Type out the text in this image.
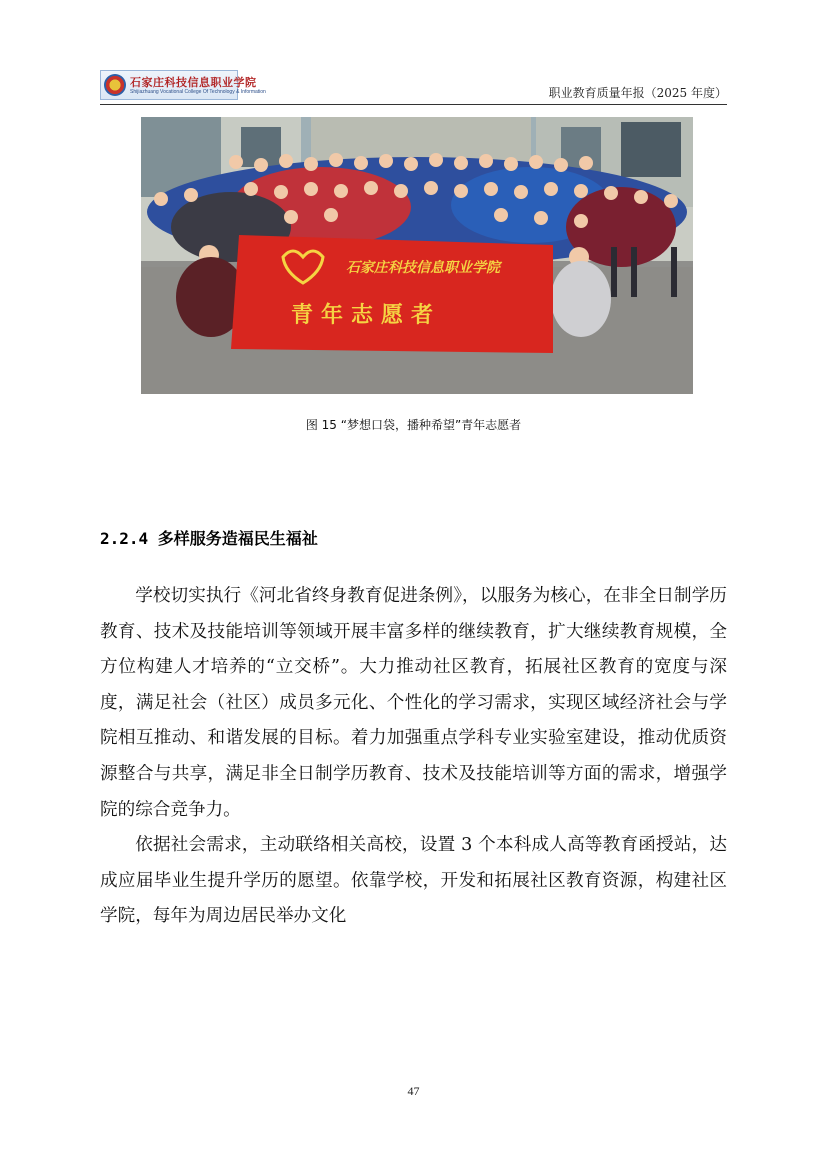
石家庄科技信息职业学院
Shijiazhuang Vocational College Of Technology & Information	职业教育质量年报（2025 年度）
石家庄科技信息职业学院
青年志愿者
图 15 “梦想口袋，播种希望”青年志愿者
2.2.4 多样服务造福民生福祉

学校切实执行《河北省终身教育促进条例》，以服务为核心，在非全日制学历教育、技术及技能培训等领域开展丰富多样的继续教育，扩大继续教育规模，全方位构建人才培养的“立交桥”。大力推动社区教育，拓展社区教育的宽度与深度，满足社会（社区）成员多元化、个性化的学习需求，实现区域经济社会与学院相互推动、和谐发展的目标。着力加强重点学科专业实验室建设，推动优质资源整合与共享，满足非全日制学历教育、技术及技能培训等方面的需求，增强学院的综合竞争力。

依据社会需求，主动联络相关高校，设置 3 个本科成人高等教育函授站，达成应届毕业生提升学历的愿望。依靠学校，开发和拓展社区教育资源，构建社区学院，每年为周边居民举办文化

47
